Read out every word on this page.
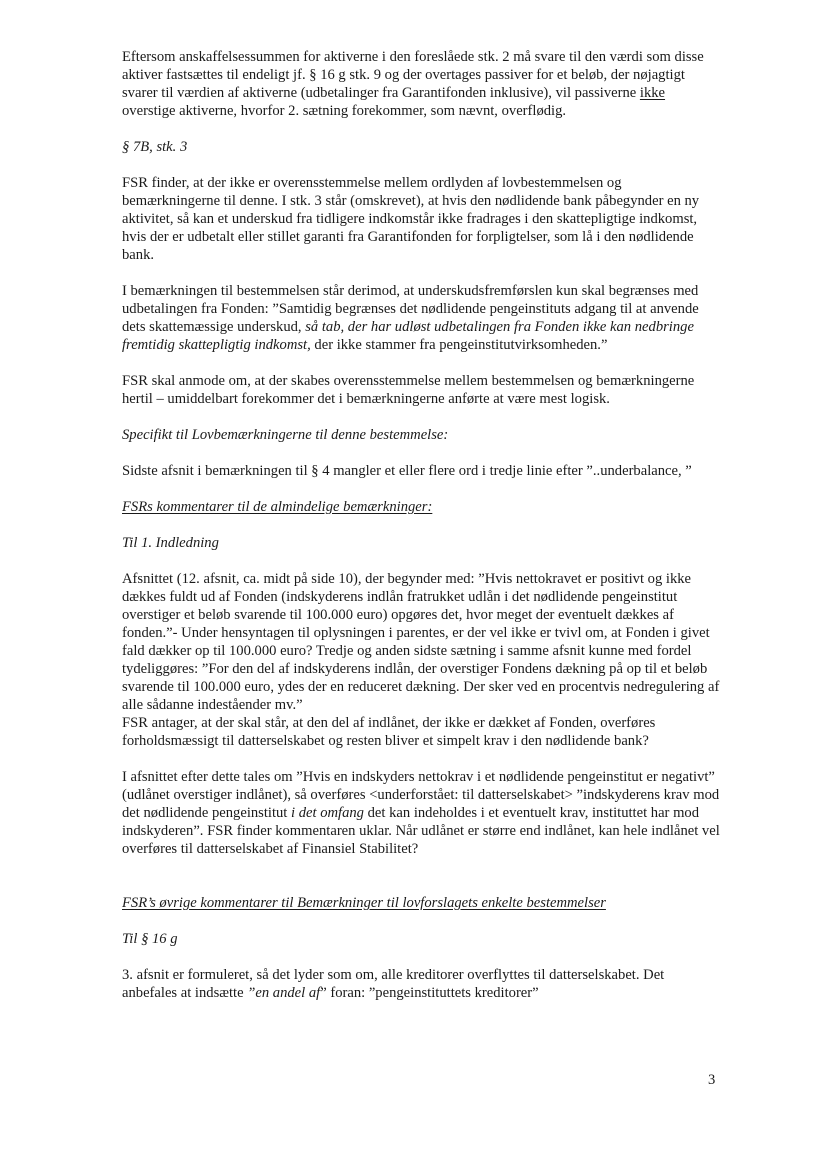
Eftersom anskaffelsessummen for aktiverne i den foreslåede stk. 2 må svare til den værdi som disse aktiver fastsættes til endeligt jf. § 16 g stk. 9 og der overtages passiver for et beløb, der nøjagtigt svarer til værdien af aktiverne (udbetalinger fra Garantifonden inklusive), vil passiverne ikke overstige aktiverne, hvorfor 2. sætning forekommer, som nævnt, overflødig.

§ 7B, stk. 3

FSR finder, at der ikke er overensstemmelse mellem ordlyden af lovbestemmelsen og bemærkningerne til denne. I stk. 3 står (omskrevet), at hvis den nødlidende bank påbegynder en ny aktivitet, så kan et underskud fra tidligere indkomstår ikke fradrages i den skattepligtige indkomst, hvis der er udbetalt eller stillet garanti fra Garantifonden for forpligtelser, som lå i den nødlidende bank.

I bemærkningen til bestemmelsen står derimod, at underskudsfremførslen kun skal begrænses med udbetalingen fra Fonden: ”Samtidig begrænses det nødlidende pengeinstituts adgang til at anvende dets skattemæssige underskud, så tab, der har udløst udbetalingen fra Fonden ikke kan nedbringe fremtidig skattepligtig indkomst, der ikke stammer fra pengeinstitutvirksomheden.”

FSR skal anmode om, at der skabes overensstemmelse mellem bestemmelsen og bemærkningerne hertil – umiddelbart forekommer det i bemærkningerne anførte at være mest logisk.

Specifikt til Lovbemærkningerne til denne bestemmelse:

Sidste afsnit i bemærkningen til § 4 mangler et eller flere ord i tredje linie efter ”..underbalance, ”

FSRs kommentarer til de almindelige bemærkninger:

Til 1. Indledning

Afsnittet (12. afsnit, ca. midt på side 10), der begynder med: ”Hvis nettokravet er positivt og ikke dækkes fuldt ud af Fonden (indskyderens indlån fratrukket udlån i det nødlidende pengeinstitut overstiger et beløb svarende til 100.000 euro) opgøres det, hvor meget der eventuelt dækkes af fonden.”- Under hensyntagen til oplysningen i parentes, er der vel ikke er tvivl om, at Fonden i givet fald dækker op til 100.000 euro? Tredje og anden sidste sætning i samme afsnit kunne med fordel tydeliggøres: ”For den del af indskyderens indlån, der overstiger Fondens dækning på op til et beløb svarende til 100.000 euro, ydes der en reduceret dækning. Der sker ved en procentvis nedregulering af alle sådanne indeståender mv.”

FSR antager, at der skal står, at den del af indlånet, der ikke er dækket af Fonden, overføres forholdsmæssigt til datterselskabet og resten bliver et simpelt krav i den nødlidende bank?

I afsnittet efter dette tales om ”Hvis en indskyders nettokrav i et nødlidende pengeinstitut er negativt” (udlånet overstiger indlånet), så overføres <underforstået: til datterselskabet> ”indskyderens krav mod det nødlidende pengeinstitut i det omfang det kan indeholdes i et eventuelt krav, instituttet har mod indskyderen”. FSR finder kommentaren uklar. Når udlånet er større end indlånet, kan hele indlånet vel overføres til datterselskabet af Finansiel Stabilitet?

FSR’s øvrige kommentarer til Bemærkninger til lovforslagets enkelte bestemmelser

Til § 16 g

3. afsnit er formuleret, så det lyder som om, alle kreditorer overflyttes til datterselskabet. Det anbefales at indsætte ”en andel af” foran: ”pengeinstituttets kreditorer”

3
